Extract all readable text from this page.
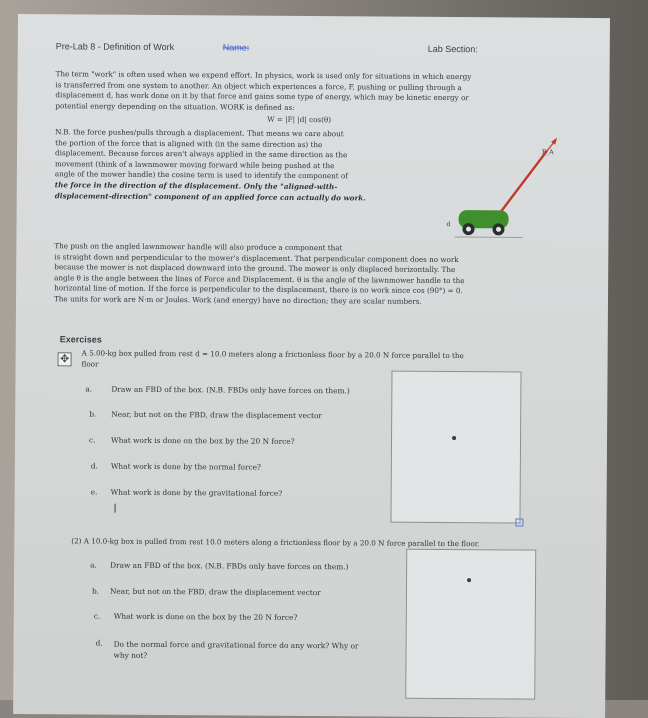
Pre-Lab 8 - Definition of Work	Name:	Lab Section:
The term "work" is often used when we expend effort. In physics, work is used only for situations in which energy
is transferred from one system to another. An object which experiences a force, F, pushing or pulling through a
displacement d, has work done on it by that force and gains some type of energy, which may be kinetic energy or
potential energy depending on the situation. WORK is defined as:
W = |F| |d| cos(θ)
N.B. the force pushes/pulls through a displacement. That means we care about
the portion of the force that is aligned with (in the same direction as) the
displacement. Because forces aren't always applied in the same direction as the
movement (think of a lawnmower moving forward while being pushed at the
angle of the mower handle) the cosine term is used to identify the component of
the force in the direction of the displacement. Only the "aligned-with-
displacement-direction" component of an applied force can actually do work.
F_A
d
The push on the angled lawnmower handle will also produce a component that
is straight down and perpendicular to the mower's displacement. That perpendicular component does no work
because the mower is not displaced downward into the ground. The mower is only displaced horizontally. The
angle θ is the angle between the lines of Force and Displacement. θ is the angle of the lawnmower handle to the
horizontal line of motion. If the force is perpendicular to the displacement, there is no work since cos (90°) = 0.
The units for work are N·m or Joules. Work (and energy) have no direction; they are scalar numbers.
Exercises
✥	A 5.00-kg box pulled from rest d = 10.0 meters along a frictionless floor by a 20.0 N force parallel to the
floor
a.	Draw an FBD of the box. (N.B. FBDs only have forces on them.)
b. Near, but not on the FBD, draw the displacement vector
c. What work is done on the box by the 20 N force?
d. What work is done by the normal force?
e. What work is done by the gravitational force?
(2) A 10.0-kg box is pulled from rest 10.0 meters along a frictionless floor by a 20.0 N force parallel to the floor.
a. Draw an FBD of the box. (N.B. FBDs only have forces on them.)
b. Near, but not on the FBD, draw the displacement vector
c. What work is done on the box by the 20 N force?
d. Do the normal force and gravitational force do any work? Why or
why not?
